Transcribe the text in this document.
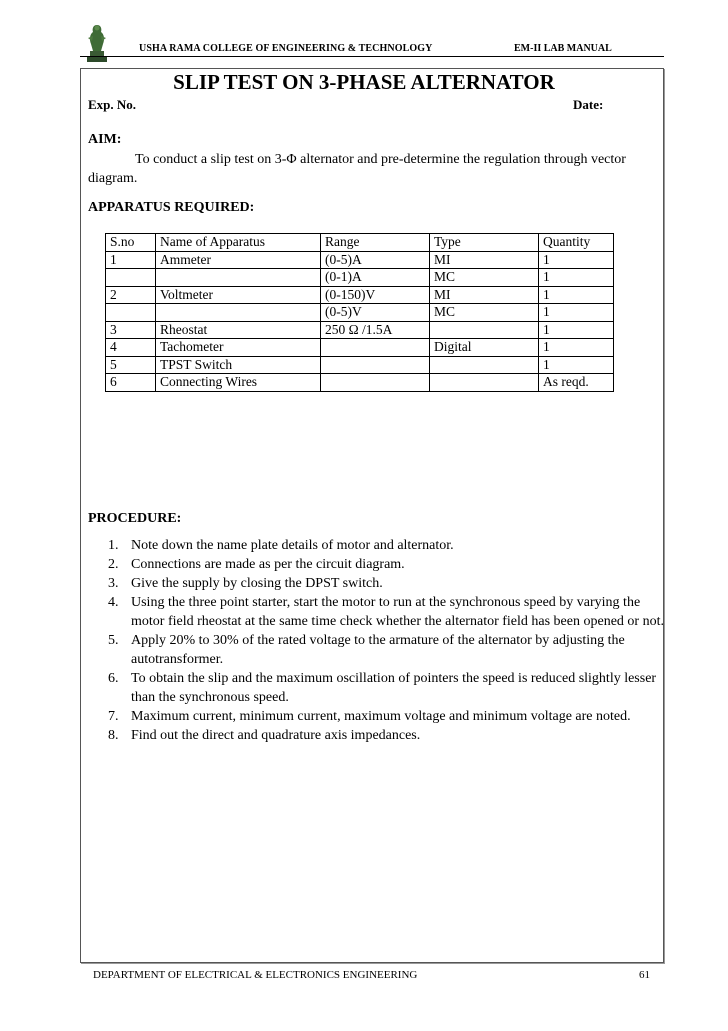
USHA RAMA COLLEGE OF ENGINEERING & TECHNOLOGY	EM-II LAB MANUAL
SLIP TEST ON 3-PHASE ALTERNATOR
Exp. No.	Date:
AIM:
To conduct a slip test on 3-Φ alternator and pre-determine the regulation through vector diagram.
APPARATUS REQUIRED:
S.no	Name of Apparatus	Range	Type	Quantity
1	Ammeter	(0-5)A	MI	1
		(0-1)A	MC	1
2	Voltmeter	(0-150)V	MI	1
		(0-5)V	MC	1
3	Rheostat	250 Ω /1.5A		1
4	Tachometer		Digital	1
5	TPST Switch			1
6	Connecting Wires			As reqd.
PROCEDURE:
1. Note down the name plate details of motor and alternator.
2. Connections are made as per the circuit diagram.
3. Give the supply by closing the DPST switch.
4. Using the three point starter, start the motor to run at the synchronous speed by varying the motor field rheostat at the same time check whether the alternator field has been opened or not.
5. Apply 20% to 30% of the rated voltage to the armature of the alternator by adjusting the autotransformer.
6. To obtain the slip and the maximum oscillation of pointers the speed is reduced slightly lesser than the synchronous speed.
7. Maximum current, minimum current, maximum voltage and minimum voltage are noted.
8. Find out the direct and quadrature axis impedances.
DEPARTMENT OF ELECTRICAL & ELECTRONICS ENGINEERING	61
